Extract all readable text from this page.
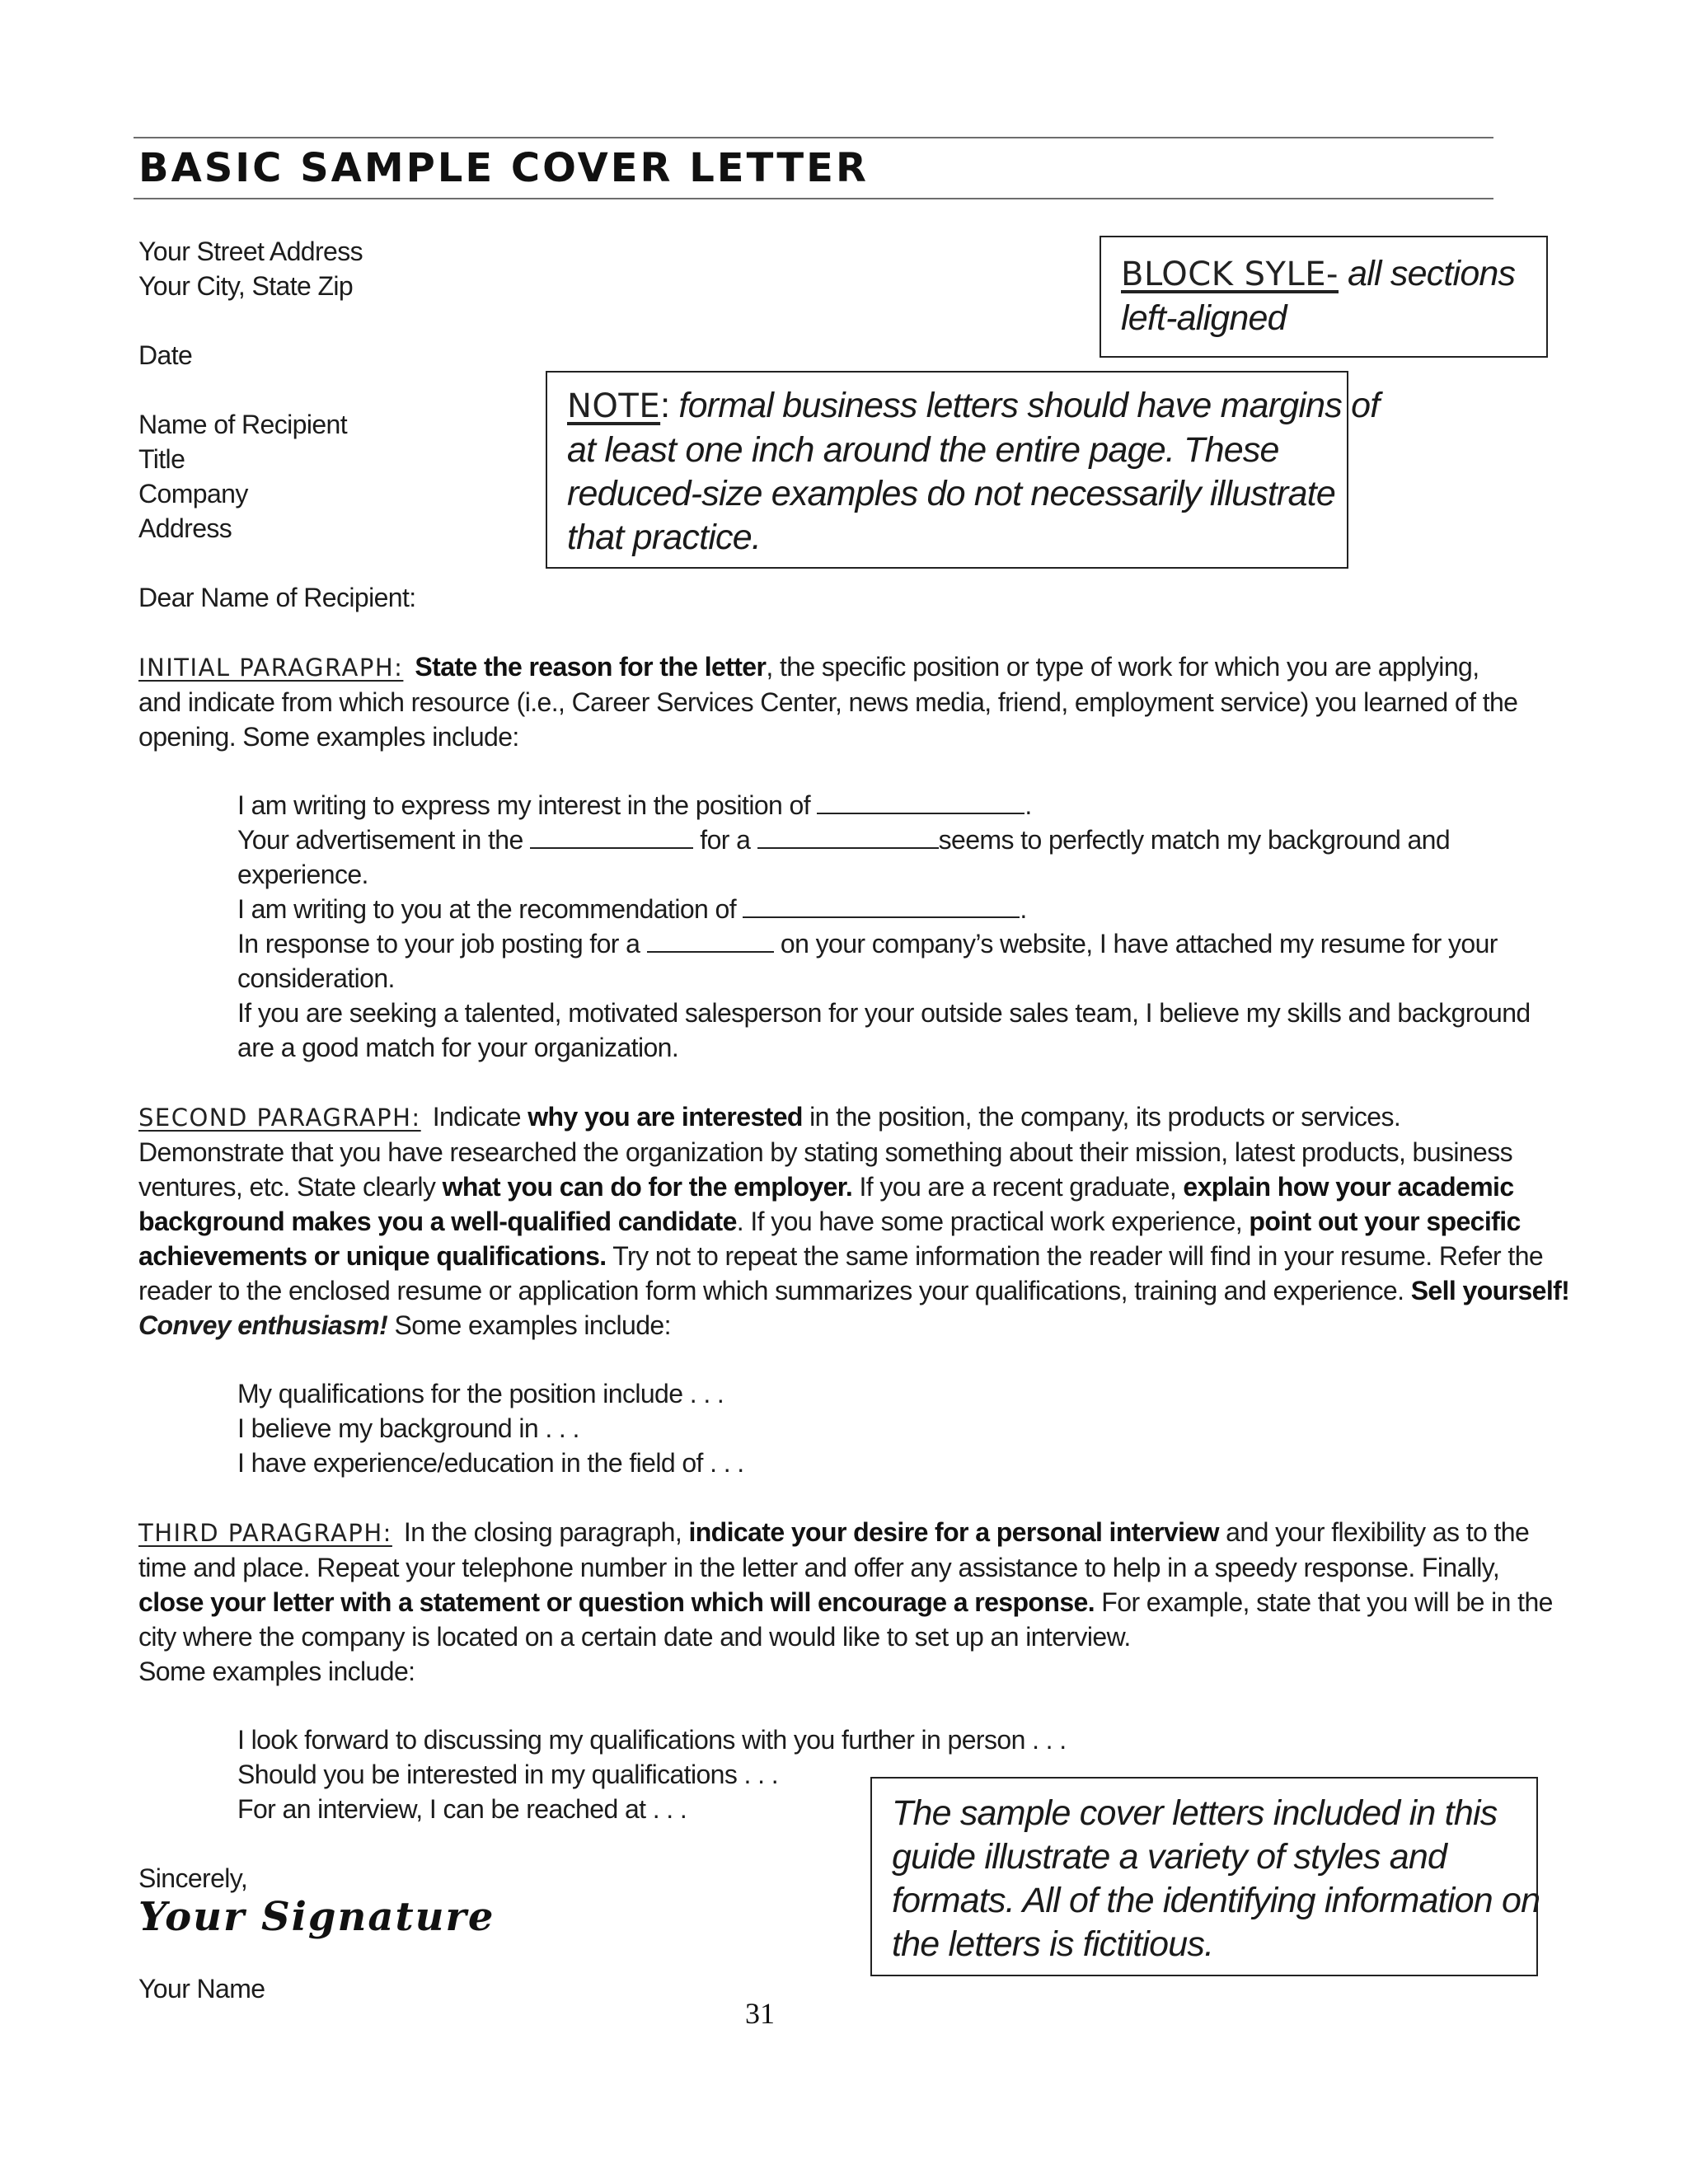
BASIC SAMPLE COVER LETTER
Your Street Address
Your City, State Zip
Date
Name of Recipient
Title
Company
Address
Dear Name of Recipient:
BLOCK SYLE- all sections
left-aligned
NOTE: formal business letters should have margins of
at least one inch around the entire page. These
reduced-size examples do not necessarily illustrate
that practice.
INITIAL PARAGRAPH: State the reason for the letter, the specific position or type of work for which you are applying,
and indicate from which resource (i.e., Career Services Center, news media, friend, employment service) you learned of the
opening. Some examples include:
I am writing to express my interest in the position of	.
Your advertisement in the	for a	seems to perfectly match my background and
experience.
I am writing to you at the recommendation of	.
In response to your job posting for a	on your company’s website, I have attached my resume for your
consideration.
If you are seeking a talented, motivated salesperson for your outside sales team, I believe my skills and background
are a good match for your organization.
SECOND PARAGRAPH: Indicate why you are interested in the position, the company, its products or services.
Demonstrate that you have researched the organization by stating something about their mission, latest products, business
ventures, etc. State clearly what you can do for the employer. If you are a recent graduate, explain how your academic
background makes you a well-qualified candidate. If you have some practical work experience, point out your specific
achievements or unique qualifications. Try not to repeat the same information the reader will find in your resume. Refer the
reader to the enclosed resume or application form which summarizes your qualifications, training and experience. Sell yourself!
Convey enthusiasm! Some examples include:
My qualifications for the position include . . .
I believe my background in . . .
I have experience/education in the field of . . .
THIRD PARAGRAPH: In the closing paragraph, indicate your desire for a personal interview and your flexibility as to the
time and place. Repeat your telephone number in the letter and offer any assistance to help in a speedy response. Finally,
close your letter with a statement or question which will encourage a response. For example, state that you will be in the
city where the company is located on a certain date and would like to set up an interview.
Some examples include:
I look forward to discussing my qualifications with you further in person . . .
Should you be interested in my qualifications . . .
For an interview, I can be reached at . . .	The sample cover letters included in this
guide illustrate a variety of styles and
formats. All of the identifying information on
the letters is fictitious.
Sincerely,
Your Signature
Your Name
31
